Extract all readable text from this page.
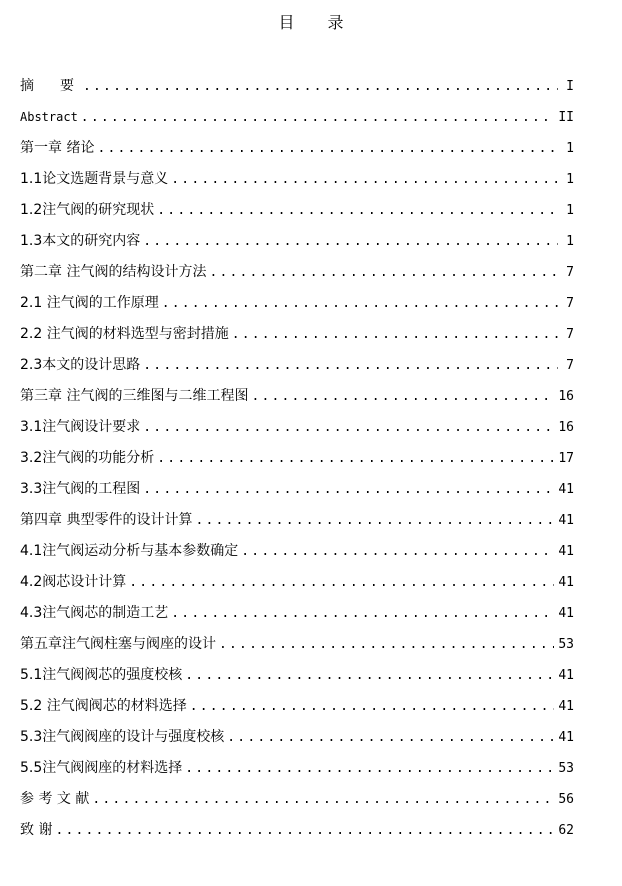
目 录
摘　要 .....	I
Abstract .....	II
第一章 绪论 .....	1
1.1论文选题背景与意义 .....	1
1.2注气阀的研究现状 .....	1
1.3本文的研究内容 .....	1
第二章 注气阀的结构设计方法 .....	7
2.1 注气阀的工作原理 .....	7
2.2 注气阀的材料选型与密封措施 .....	7
2.3本文的设计思路 .....	7
第三章 注气阀的三维图与二维工程图 .....	16
3.1注气阀设计要求 .....	16
3.2注气阀的功能分析 .....	17
3.3注气阀的工程图 .....	41
第四章 典型零件的设计计算 .....	41
4.1注气阀运动分析与基本参数确定 .....	41
4.2阀芯设计计算 .....	41
4.3注气阀芯的制造工艺 .....	41
第五章注气阀柱塞与阀座的设计 .....	53
5.1注气阀阀芯的强度校核 .....	41
5.2 注气阀阀芯的材料选择 .....	41
5.3注气阀阀座的设计与强度校核 .....	41
5.5注气阀阀座的材料选择 .....	53
参 考 文 献 .....	56
致 谢 .....	62
